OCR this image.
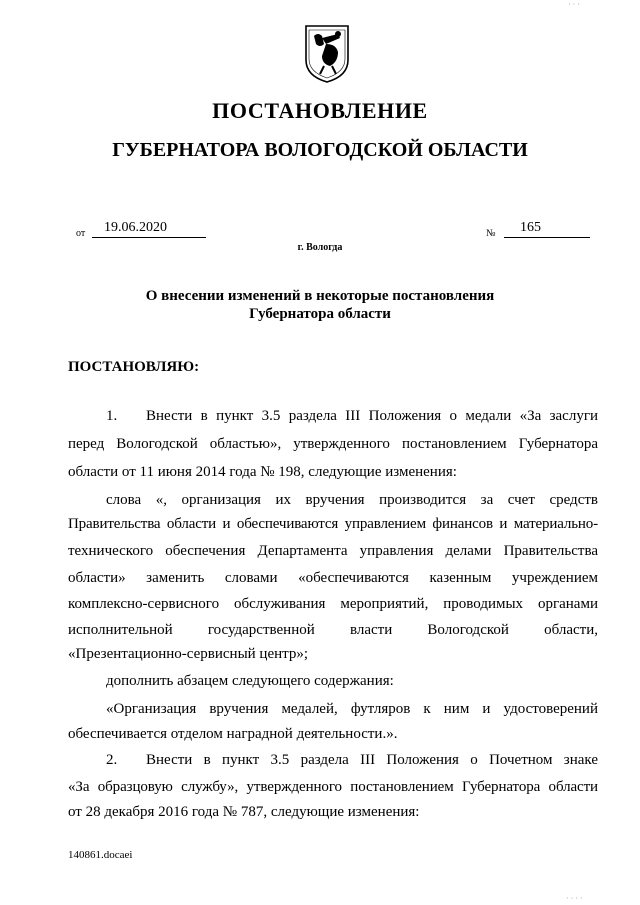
ПОСТАНОВЛЕНИЕ
ГУБЕРНАТОРА ВОЛОГОДСКОЙ ОБЛАСТИ
от 19.06.2020	№ 165
г. Вологда
О внесении изменений в некоторые постановления
Губернатора области
ПОСТАНОВЛЯЮ:
1. Внести в пункт 3.5 раздела III Положения о медали «За заслуги
перед Вологодской областью», утвержденного постановлением Губернатора
области от 11 июня 2014 года № 198, следующие изменения:
слова «, организация их вручения производится за счет средств
Правительства области и обеспечиваются управлением финансов и материально-
технического обеспечения Департамента управления делами Правительства
области» заменить словами «обеспечиваются казенным учреждением
комплексно-сервисного обслуживания мероприятий, проводимых органами
исполнительной государственной власти Вологодской области,
«Презентационно-сервисный центр»;
дополнить абзацем следующего содержания:
«Организация вручения медалей, футляров к ним и удостоверений
обеспечивается отделом наградной деятельности.».
2. Внести в пункт 3.5 раздела III Положения о Почетном знаке
«За образцовую службу», утвержденного постановлением Губернатора области
от 28 декабря 2016 года № 787, следующие изменения:
140861.docaei
· · ·
· · · ·
